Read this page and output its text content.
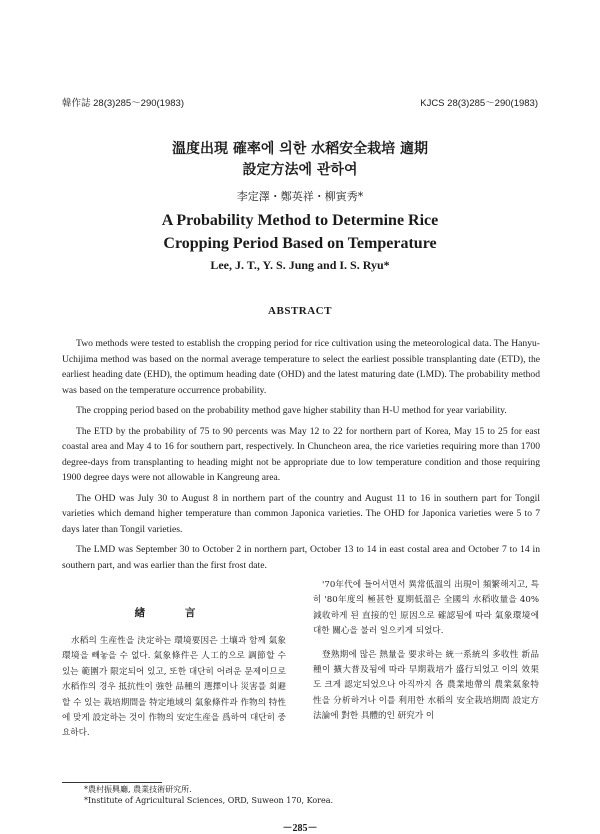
韓作誌 28(3)285～290(1983)	KJCS 28(3)285～290(1983)
溫度出現 確率에 의한 水稻安全栽培 適期
設定方法에 관하여
李定澤・鄭英祥・柳寅秀*
A Probability Method to Determine Rice
Cropping Period Based on Temperature
Lee, J. T., Y. S. Jung and I. S. Ryu*
ABSTRACT

Two methods were tested to establish the cropping period for rice cultivation using the meteorological data. The Hanyu-Uchijima method was based on the normal average temperature to select the earliest possible transplanting date (ETD), the earliest heading date (EHD), the optimum heading date (OHD) and the latest maturing date (LMD). The probability method was based on the temperature occurrence probability.

The cropping period based on the probability method gave higher stability than H-U method for year variability.

The ETD by the probability of 75 to 90 percents was May 12 to 22 for northern part of Korea, May 15 to 25 for east coastal area and May 4 to 16 for southern part, respectively. In Chuncheon area, the rice varieties requiring more than 1700 degree-days from transplanting to heading might not be appropriate due to low temperature condition and those requiring 1900 degree days were not allowable in Kangreung area.

The OHD was July 30 to August 8 in northern part of the country and August 11 to 16 in southern part for Tongil varieties which demand higher temperature than common Japonica varieties. The OHD for Japonica varieties were 5 to 7 days later than Tongil varieties.

The LMD was September 30 to October 2 in northern part, October 13 to 14 in east costal area and October 7 to 14 in southern part, and was earlier than the first frost date.

緖 言

水稻의 生産性을 決定하는 環境要因은 土壤과 함께 氣象環境을 빼놓을 수 없다. 氣象條件은 人工的으로 調節할 수 있는 範圍가 限定되어 있고, 또한 대단히 어려운 문제이므로 水稻作의 경우 抵抗性이 強한 品種의 選擇이나 災害를 회避할 수 있는 栽培期間을 特定地域의 氣象條件과 作物의 特性에 맞게 設定하는 것이 作物의 安定生産을 爲하여 대단히 중요하다.

'70年代에 들어서면서 異常低溫의 出現이 頻繁해지고, 특히 '80年度의 極甚한 夏期低溫은 全國의 水稻收量을 40% 減收하게 된 直接的인 原因으로 確認됨에 따라 氣象環境에 대한 關心을 불러 일으키게 되었다.

登熟期에 많은 熱量을 要求하는 統一系統의 多收性 新品種이 擴大普及됨에 따라 早期栽培가 盛行되었고 이의 效果도 크게 認定되었으나 아직까지 各 農業地帶의 農業氣象特性을 分析하거나 이를 利用한 水稻의 安全栽培期間 設定方法論에 對한 具體的인 研究가 이

*農村振興廳, 農業技術研究所.
*Institute of Agricultural Sciences, ORD, Suweon 170, Korea.
－285－
